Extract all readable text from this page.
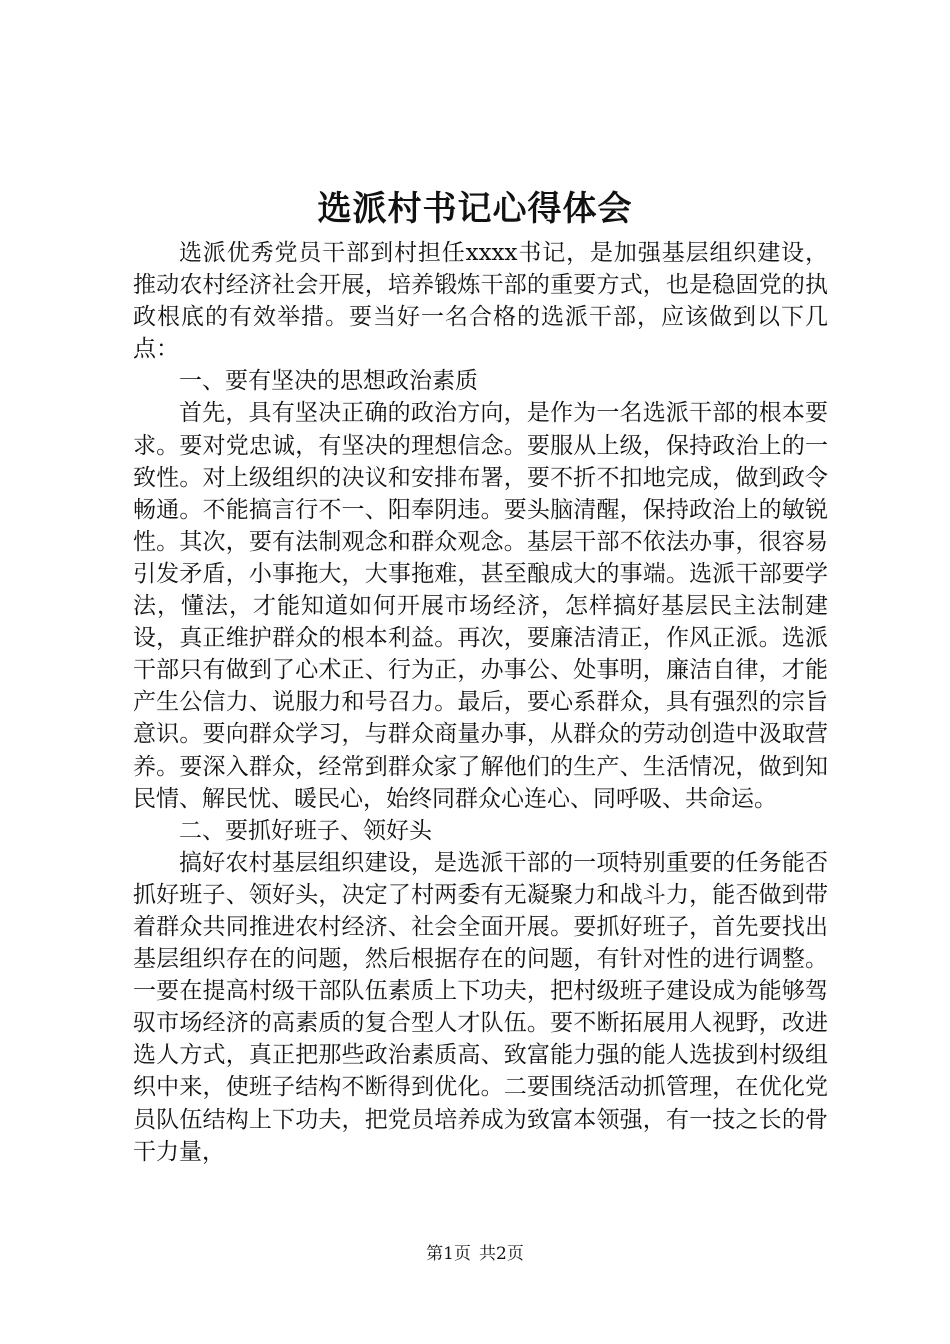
选派村书记心得体会

选派优秀党员干部到村担任xxxx书记，是加强基层组织建设，推动农村经济社会开展，培养锻炼干部的重要方式，也是稳固党的执政根底的有效举措。要当好一名合格的选派干部，应该做到以下几点：

一、要有坚决的思想政治素质

首先，具有坚决正确的政治方向，是作为一名选派干部的根本要求。要对党忠诚，有坚决的理想信念。要服从上级，保持政治上的一致性。对上级组织的决议和安排布署，要不折不扣地完成，做到政令畅通。不能搞言行不一、阳奉阴违。要头脑清醒，保持政治上的敏锐性。其次，要有法制观念和群众观念。基层干部不依法办事，很容易引发矛盾，小事拖大，大事拖难，甚至酿成大的事端。选派干部要学法，懂法，才能知道如何开展市场经济，怎样搞好基层民主法制建设，真正维护群众的根本利益。再次，要廉洁清正，作风正派。选派干部只有做到了心术正、行为正，办事公、处事明，廉洁自律，才能产生公信力、说服力和号召力。最后，要心系群众，具有强烈的宗旨意识。要向群众学习，与群众商量办事，从群众的劳动创造中汲取营养。要深入群众，经常到群众家了解他们的生产、生活情况，做到知民情、解民忧、暖民心，始终同群众心连心、同呼吸、共命运。

二、要抓好班子、领好头

搞好农村基层组织建设，是选派干部的一项特别重要的任务能否抓好班子、领好头，决定了村两委有无凝聚力和战斗力，能否做到带着群众共同推进农村经济、社会全面开展。要抓好班子，首先要找出基层组织存在的问题，然后根据存在的问题，有针对性的进行调整。一要在提高村级干部队伍素质上下功夫，把村级班子建设成为能够驾驭市场经济的高素质的复合型人才队伍。要不断拓展用人视野，改进选人方式，真正把那些政治素质高、致富能力强的能人选拔到村级组织中来，使班子结构不断得到优化。二要围绕活动抓管理，在优化党员队伍结构上下功夫，把党员培养成为致富本领强，有一技之长的骨干力量，

第1页 共2页
